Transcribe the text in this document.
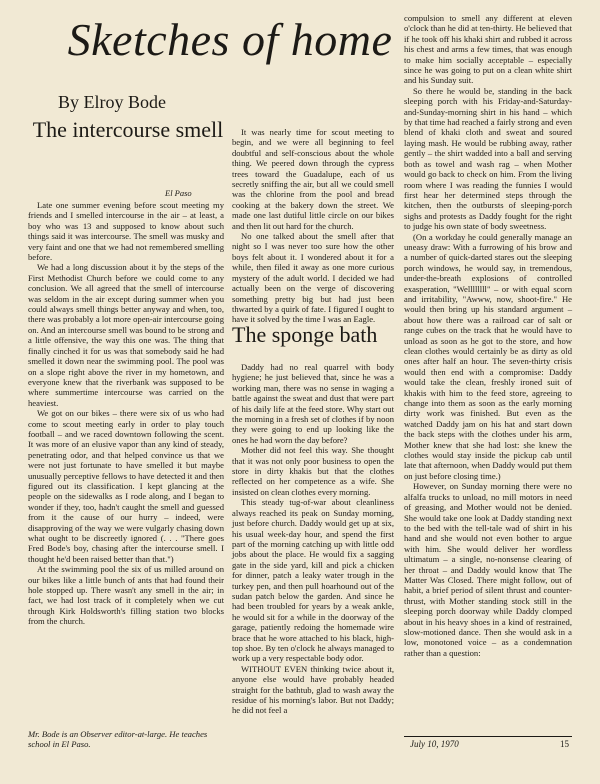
Sketches of home
By Elroy Bode
The intercourse smell
El Paso

Late one summer evening before scout meeting my friends and I smelled intercourse in the air – at least, a boy who was 13 and supposed to know about such things said it was intercourse. The smell was musky and very faint and one that we had not remembered smelling before.

We had a long discussion about it by the steps of the First Methodist Church before we could come to any conclusion. We all agreed that the smell of intercourse was seldom in the air except during summer when you could always smell things better anyway and when, too, there was probably a lot more open-air intercourse going on. And an intercourse smell was bound to be strong and a little offensive, the way this one was. The thing that finally cinched it for us was that somebody said he had smelled it down near the swimming pool. The pool was on a slope right above the river in my hometown, and everyone knew that the riverbank was supposed to be where summertime intercourse was carried on the heaviest.

We got on our bikes – there were six of us who had come to scout meeting early in order to play touch football – and we raced downtown following the scent. It was more of an elusive vapor than any kind of steady, penetrating odor, and that helped convince us that we were not just fortunate to have smelled it but maybe unusually perceptive fellows to have detected it and then figured out its classification. I kept glancing at the people on the sidewalks as I rode along, and I began to wonder if they, too, hadn't caught the smell and guessed from it the cause of our hurry – indeed, were disapproving of the way we were vulgarly chasing down what ought to be discreetly ignored (. . . "There goes Fred Bode's boy, chasing after the intercourse smell. I thought he'd been raised better than that.")

At the swimming pool the six of us milled around on our bikes like a little bunch of ants that had found their hole stopped up. There wasn't any smell in the air; in fact, we had lost track of it completely when we cut through Kirk Holdsworth's filling station two blocks from the church.

Mr. Bode is an Observer editor-at-large. He teaches school in El Paso.

It was nearly time for scout meeting to begin, and we were all beginning to feel doubtful and self-conscious about the whole thing. We peered down through the cypress trees toward the Guadalupe, each of us secretly sniffing the air, but all we could smell was the chlorine from the pool and bread cooking at the bakery down the street. We made one last dutiful little circle on our bikes and then lit out hard for the church.

No one talked about the smell after that night so I was never too sure how the other boys felt about it. I wondered about it for a while, then filed it away as one more curious mystery of the adult world. I decided we had actually been on the verge of discovering something pretty big but had just been thwarted by a quirk of fate. I figured I ought to have it solved by the time I was an Eagle.

The sponge bath

Daddy had no real quarrel with body hygiene; he just believed that, since he was a working man, there was no sense in waging a battle against the sweat and dust that were part of his daily life at the feed store. Why start out the morning in a fresh set of clothes if by noon they were going to end up looking like the ones he had worn the day before?

Mother did not feel this way. She thought that it was not only poor business to open the store in dirty khakis but that the clothes reflected on her competence as a wife. She insisted on clean clothes every morning.

This steady tug-of-war about cleanliness always reached its peak on Sunday morning, just before church. Daddy would get up at six, his usual week-day hour, and spend the first part of the morning catching up with little odd jobs about the place. He would fix a sagging gate in the side yard, kill and pick a chicken for dinner, patch a leaky water trough in the turkey pen, and then pull hoarhound out of the sudan patch below the garden. And since he had been troubled for years by a weak ankle, he would sit for a while in the doorway of the garage, patiently redoing the homemade wire brace that he wore attached to his black, high-top shoe. By ten o'clock he always managed to work up a very respectable body odor.

WITHOUT EVEN thinking twice about it, anyone else would have probably headed straight for the bathtub, glad to wash away the residue of his morning's labor. But not Daddy; he did not feel a

compulsion to smell any different at eleven o'clock than he did at ten-thirty. He believed that if he took off his khaki shirt and rubbed it across his chest and arms a few times, that was enough to make him socially acceptable – especially since he was going to put on a clean white shirt and his Sunday suit.

So there he would be, standing in the back sleeping porch with his Friday-and-Saturday-and-Sunday-morning shirt in his hand – which by that time had reached a fairly strong and even blend of khaki cloth and sweat and soured laying mash. He would be rubbing away, rather gently – the shirt wadded into a ball and serving both as towel and wash rag – when Mother would go back to check on him. From the living room where I was reading the funnies I would first hear her determined steps through the kitchen, then the outbursts of sleeping-porch sighs and protests as Daddy fought for the right to judge his own state of body sweetness.

(On a workday he could generally manage an uneasy draw: With a furrowing of his brow and a number of quick-darted stares out the sleeping porch windows, he would say, in tremendous, under-the-breath explosions of controlled exasperation, "Wellllllll" – or with equal scorn and irritability, "Awww, now, shoot-fire." He would then bring up his standard argument – about how there was a railroad car of salt or range cubes on the track that he would have to unload as soon as he got to the store, and how clean clothes would certainly be as dirty as old ones after half an hour. The seven-thirty crisis would then end with a compromise: Daddy would take the clean, freshly ironed suit of khakis with him to the feed store, agreeing to change into them as soon as the early morning dirty work was finished. But even as the watched Daddy jam on his hat and start down the back steps with the clothes under his arm, Mother knew that she had lost: she knew the clothes would stay inside the pickup cab until late that afternoon, when Daddy would put them on just before closing time.)

However, on Sunday morning there were no alfalfa trucks to unload, no mill motors in need of greasing, and Mother would not be denied. She would take one look at Daddy standing next to the bed with the tell-tale wad of shirt in his hand and she would not even bother to argue with him. She would deliver her wordless ultimatum – a single, no-nonsense clearing of her throat – and Daddy would know that The Matter Was Closed. There might follow, out of habit, a brief period of silent thrust and counter-thrust, with Mother standing stock still in the sleeping porch doorway while Daddy clomped about in his heavy shoes in a kind of restrained, slow-motioned dance. Then she would ask in a low, monotoned voice – as a condemnation rather than a question:

July 10, 1970	15
